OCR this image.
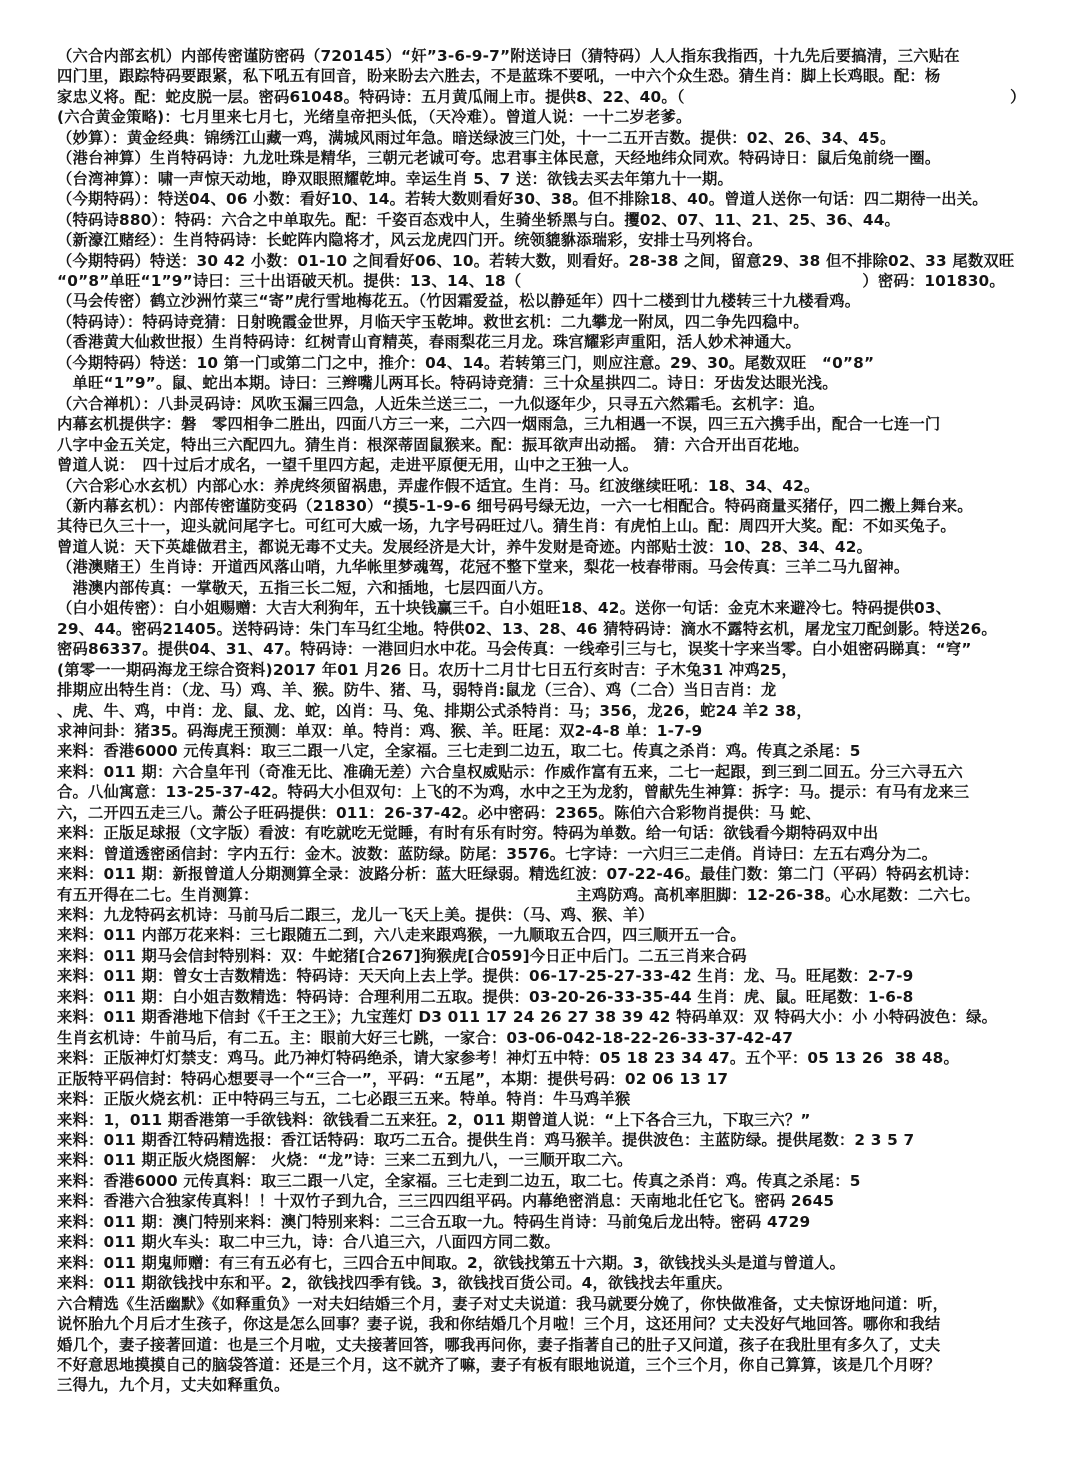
（六合内部玄机）内部传密谨防密码（720145）“奸”3-6-9-7”附送诗曰（猜特码）人人指东我指西，十九先后要搞清，三六贴在
四门里，跟踪特码要跟紧，私下吼五有回音，盼来盼去六胜去，不是蓝珠不要吼，一中六个众生恐。猜生肖：脚上长鸡眼。配：杨
家忠义将。配：蛇皮脱一层。密码61048。特码诗：五月黄瓜闹上市。提供8、22、40。（　　　　　　　　　　　　　　　　　　　　　）
(六合黄金策略)：七月里来七月七，光绪皇帝把头低，（天冷难）。曾道人说：一十二岁老爹。
（妙算）：黄金经典：锦绣江山藏一鸡，满城风雨过年急。暗送绿波三门处，十一二五开吉数。提供：02、26、34、45。
（港台神算）生肖特码诗：九龙吐珠是精华，三朝元老诚可夸。忠君事主体民意，天经地纬众同欢。特码诗日：鼠后兔前绕一圈。
（台湾神算）：啸一声惊天动地，睁双眼照耀乾坤。幸运生肖 5、7 送：欲钱去买去年第九十一期。
（今期特码）：特送04、06 小数：看好10、14。若转大数则看好30、38。但不排除18、40。曾道人送你一句话：四二期待一出关。
（特码诗880）：特码：六合之中单取先。配：千姿百态戏中人，生骑坐轿黑与白。攫02、07、11、21、25、36、44。
（新濠江赌经）：生肖特码诗：长蛇阵内隐将才，风云龙虎四门开。统领貔貅添瑞彩，安排士马列将台。
（今期特码）特送：30 42 小数：01-10 之间看好06、10。若转大数，则看好。28-38 之间，留意29、38 但不排除02、33 尾数双旺
“0”8”单旺“1”9”诗曰：三十出语破天机。提供：13、14、18（　　　　　　　　　　　　　　　　　　　　　　）密码：101830。
（马会传密）鹤立沙洲竹菜三“寄”虎行雪地梅花五。（竹因霜爱益，松以静延年）四十二楼到廿九楼转三十九楼看鸡。
（特码诗）：特码诗竞猜：日射晚霞金世界，月临天宇玉乾坤。救世玄机：二九攀龙一附凤，四二争先四稳中。
（香港黄大仙救世报）生肖特码诗：红树青山育精英，春雨梨花三月龙。珠宫耀彩声重阳，活人妙术神通大。
（今期特码）特送：10 第一门或第二门之中，推介：04、14。若转第三门，则应注意。29、30。尾数双旺　“0”8”
　单旺“1”9”。鼠、蛇出本期。诗曰：三辫嘴儿两耳长。特码诗竞猜：三十众星拱四二。诗日：牙齿发达眼光浅。
（六合禅机）：八卦灵码诗：风吹玉漏三四急，人近朱兰送三二，一九似逐年少，只寻五六然霜毛。玄机字：追。
内幕玄机提供字：磐　零四相争二胜出，四面八方三一来，二六四一烟雨急，三九相遇一不误，四三五六携手出，配合一七连一门
八字中金五关定，特出三六配四九。猜生肖：根深蒂固鼠猴来。配：振耳欲声出动摇。　猜：六合开出百花地。
曾道人说：　四十过后才成名，一望千里四方起，走进平原便无用，山中之王独一人。
（六合彩心水玄机）内部心水：养虎终须留祸患，弄虚作假不适宜。生肖：马。红波继续旺吼：18、34、42。
（新内幕玄机）：内部传密谨防变码（21830）“摸5-1-9-6 细号码号绿无边，一六一七相配合。特码商量买猪仔，四二搬上舞台来。
其待已久三十一，迎头就问尾字七。可红可大威一场，九字号码旺过八。猜生肖：有虎怕上山。配：周四开大奖。配：不如买兔子。
曾道人说：天下英雄做君主，都说无毒不丈夫。发展经济是大计，养牛发财是奇迹。内部贴士波：10、28、34、42。
（港澳赌王）生肖诗：开道西风落山哨，九华帐里梦魂驾，花冠不整下堂来，梨花一枝春带雨。马会传真：三羊二马九留神。
　港澳内部传真：一掌敬天，五指三长二短，六和插地，七层四面八方。
（白小姐传密）：白小姐赐赠：大吉大利狗年，五十块钱赢三千。白小姐旺18、42。送你一句话：金克木来避冷七。特码提供03、
29、44。密码21405。送特码诗：朱门车马红尘地。特供02、13、28、46 猜特码诗：滴水不露特玄机，屠龙宝刀配剑影。特送26。
密码86337。提供04、31、47。特码诗：一港回归水中花。马会传真：一线牵引三与七，误奖十字来当零。白小姐密码睇真：“穹”
(第零一一期码海龙王综合资料)2017 年01 月26 日。农历十二月廿七日五行亥时吉：子木兔31 冲鸡25，
排期应出特生肖：（龙、马）鸡、羊、猴。防牛、猪、马，弱特肖:鼠龙（三合）、鸡（二合）当日吉肖：龙
、虎、牛、鸡，中肖：龙、鼠、龙、蛇，凶肖：马、兔、排期公式杀特肖：马；356，龙26，蛇24 羊2 38，
求神问卦：猪35。码海虎王预测：单双：单。特肖：鸡、猴、羊。旺尾：双2-4-8 单：1-7-9
来料：香港6000 元传真料：取三二跟一八定，全家福。三七走到二边五，取二七。传真之杀肖：鸡。传真之杀尾：5
来料：011 期：六合皇年刊（奇准无比、准确无差）六合皇权威贴示：作威作富有五来，二七一起跟，到三到二回五。分三六寻五六
合。八仙寓意：13-25-37-42。特码大小但双句：上飞的不为鸡，水中之王为龙豹，曾献先生神算：拆字：马。提示：有马有龙来三
六，二开四五走三八。萧公子旺码提供：011：26-37-42。必中密码：2365。陈伯六合彩物肖提供：马 蛇、
来料：正版足球报（文字版）看波：有吃就吃无觉睡，有时有乐有时穷。特码为单数。给一句话：欲钱看今期特码双中出
来料：曾道透密函信封：字内五行：金木。波数：蓝防绿。防尾：3576。七字诗：一六归三二走俏。肖诗曰：左五右鸡分为二。
来料：011 期：新报曾道人分期测算全录：波路分析：蓝大旺绿弱。精选红波：07-22-46。最佳门数：第二门（平码）特码玄机诗：
有五开得在二七。生肖测算：　　　　　　　　　　　　　　　　　　　　　主鸡防鸡。高机率胆脚：12-26-38。心水尾数：二六七。
来料：九龙特码玄机诗：马前马后二跟三，龙儿一飞天上美。提供：（马、鸡、猴、羊）
来料：011 内部万花来料：三七跟随五二到，六八走来跟鸡猴，一九顺取五合四，四三顺开五一合。
来料：011 期马会信封特别料：双：牛蛇猪[合267]狗猴虎[合059]今日正中后门。二五三肖来合码
来料：011 期：曾女士吉数精选：特码诗：天天向上去上学。提供：06-17-25-27-33-42 生肖：龙、马。旺尾数：2-7-9
来料：011 期：白小姐吉数精选：特码诗：合理利用二五取。提供：03-20-26-33-35-44 生肖：虎、鼠。旺尾数：1-6-8
来料：011 期香港地下信封《千王之王》；九宝莲灯 D3 011 17 24 26 27 38 39 42 特码单双：双 特码大小：小 小特码波色：绿。
生肖玄机诗：牛前马后，有二五。主：眼前大好三七跳，一家合：03-06-042-18-22-26-33-37-42-47
来料：正版神灯灯禁支：鸡马。此乃神灯特码绝杀，请大家参考！神灯五中特：05 18 23 34 47。五个平：05 13 26  38 48。
正版特平码信封：特码心想要寻一个“三合一”，平码：“五尾”，本期：提供号码：02 06 13 17
来料：正版火烧玄机：正中特码三与五，二七必跟三五来。特单。特肖：牛马鸡羊猴
来料：1，011 期香港第一手欲钱料：欲钱看二五来狂。2，011 期曾道人说：“上下各合三九，下取三六？”
来料：011 期香江特码精选报：香江话特码：取巧二五合。提供生肖：鸡马猴羊。提供波色：主蓝防绿。提供尾数：2 3 5 7
来料：011 期正版火烧图解： 火烧：“龙”诗：三来二五到九八，一三顺开取二六。
来料：香港6000 元传真料：取三二跟一八定，全家福。三七走到二边五，取二七。传真之杀肖：鸡。传真之杀尾：5
来料：香港六合独家传真料！！十双竹子到九合，三三四四组平码。内幕绝密消息：天南地北任它飞。密码 2645
来料：011 期：澳门特别来料：澳门特别来料：二三合五取一九。特码生肖诗：马前兔后龙出特。密码 4729
来料：011 期火车头：取二中三九，诗：合八追三六，八面四方同二数。
来料：011 期鬼师赠：有三有五必有七，三四合五中间取。2，欲钱找第五十六期。3，欲钱找头头是道与曾道人。
来料：011 期欲钱找中东和平。2，欲钱找四季有钱。3，欲钱找百货公司。4，欲钱找去年重庆。
六合精选《生活幽默》《如释重负》一对夫妇结婚三个月，妻子对丈夫说道：我马就要分娩了，你快做准备，丈夫惊讶地问道：听，
说怀胎九个月后才生孩子，你这是怎么回事？妻子说，我和你结婚几个月啦！三个月，这还用问？丈夫没好气地回答。哪你和我结
婚几个，妻子接著回道：也是三个月啦，丈夫接著回答，哪我再问你，妻子指著自己的肚子又问道，孩子在我肚里有多久了，丈夫
不好意思地摸摸自己的脑袋答道：还是三个月，这不就齐了嘛，妻子有板有眼地说道，三个三个月，你自己算算，该是几个月呀？
三得九，九个月，丈夫如释重负。
